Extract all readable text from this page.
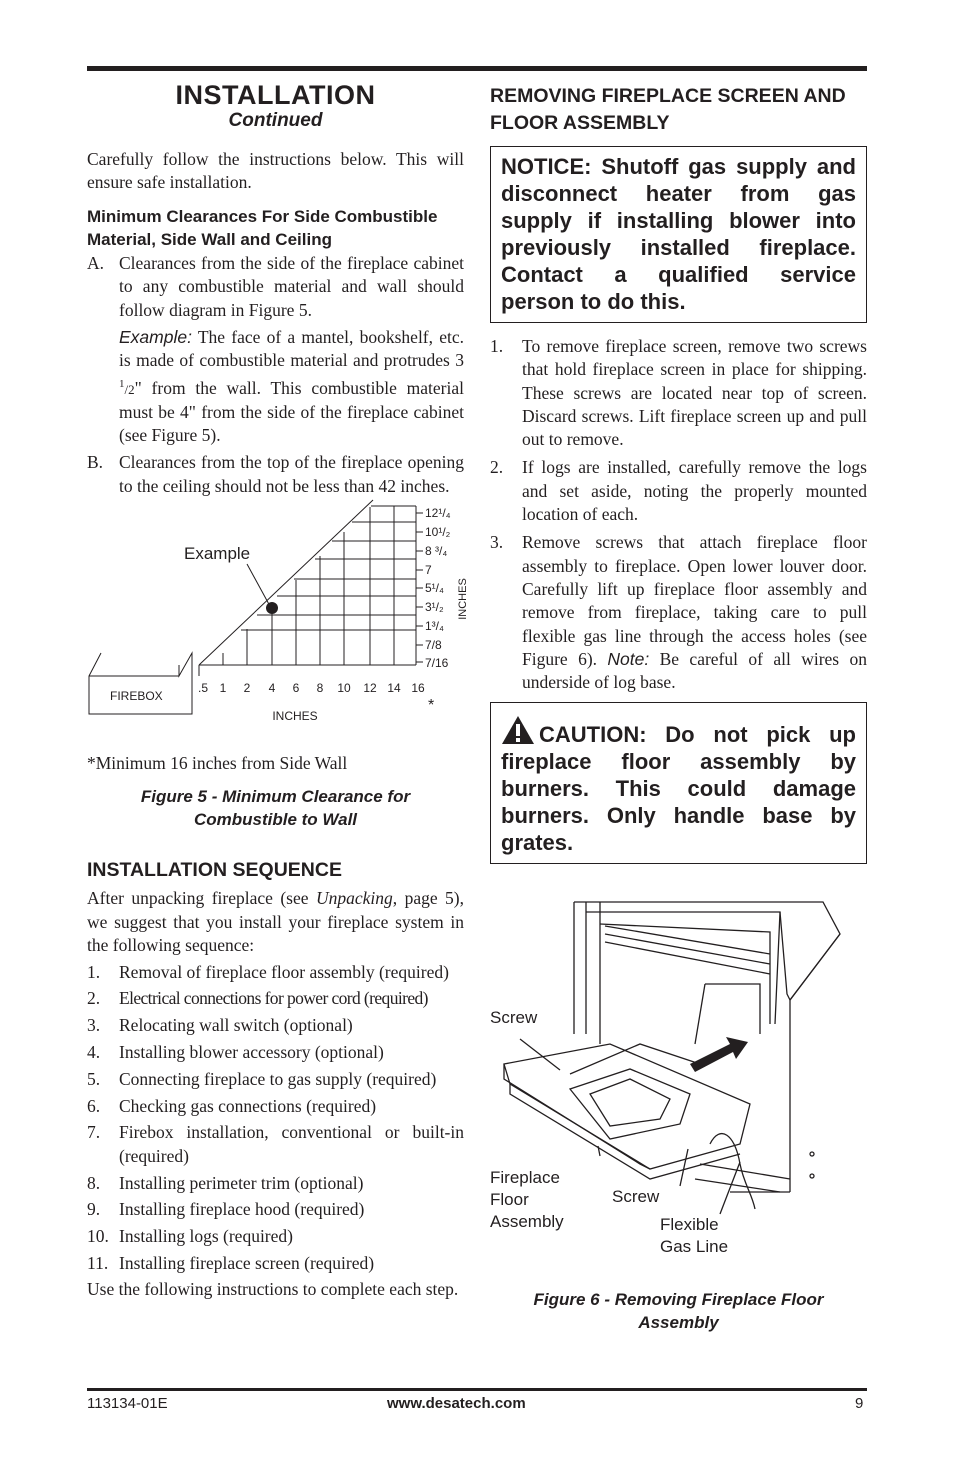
INSTALLATION
Continued

Carefully follow the instructions below. This will ensure safe installation.

Minimum Clearances For Side Combustible Material, Side Wall and Ceiling
A. Clearances from the side of the fireplace cabinet to any combustible material and wall should follow diagram in Figure 5.

Example: The face of a mantel, bookshelf, etc. is made of combustible material and protrudes 3 $^1$/2" from the wall. This combustible material must be 4" from the side of the fireplace cabinet (see Figure 5).

B. Clearances from the top of the fireplace opening to the ceiling should not be less than 42 inches.
Example
FIREBOX
.5 1 2 4 6 8 10 12 14 16
12¹/₄
10¹/₂
8 ³/₄
7
5¹/₄
3¹/₂
1³/₄
7/8
7/16
INCHES
INCHES
*

*Minimum 16 inches from Side Wall

Figure 5 - Minimum Clearance for Combustible to Wall
INSTALLATION SEQUENCE

After unpacking fireplace (see Unpacking, page 5), we suggest that you install your fireplace system in the following sequence:

1.	Removal of fireplace floor assembly (required)
2.	Electrical connections for power cord (required)
3.	Relocating wall switch (optional)
4.	Installing blower accessory (optional)
5.	Connecting fireplace to gas supply (required)
6.	Checking gas connections (required)
7.	Firebox installation, conventional or built-in (required)
8.	Installing perimeter trim (optional)
9.	Installing fireplace hood (required)
10. Installing logs (required)
11. Installing fireplace screen (required)

Use the following instructions to complete each step.

REMOVING FIREPLACE SCREEN AND FLOOR ASSEMBLY
NOTICE: Shutoff gas supply and disconnect heater from gas supply if installing blower into previously installed fireplace. Contact a qualified service person to do this.
1.	To remove fireplace screen, remove two screws that hold fireplace screen in place for shipping. These screws are located near top of screen. Discard screws. Lift fireplace screen up and pull out to remove.
2.	If logs are installed, carefully remove the logs and set aside, noting the properly mounted location of each.
3.	Remove screws that attach fireplace floor assembly to fireplace. Open lower louver door. Carefully lift up fireplace floor assembly and remove from fireplace, taking care to pull flexible gas line through the access holes (see Figure 6). Note: Be careful of all wires on underside of log base.
CAUTION: Do not pick up fireplace floor assembly by burners. This could damage burners. Only handle base by grates.
Screw
Fireplace
Floor
Assembly
Screw
Flexible
Gas Line
Figure 6 - Removing Fireplace Floor Assembly
113134-01E	www.desatech.com	9
